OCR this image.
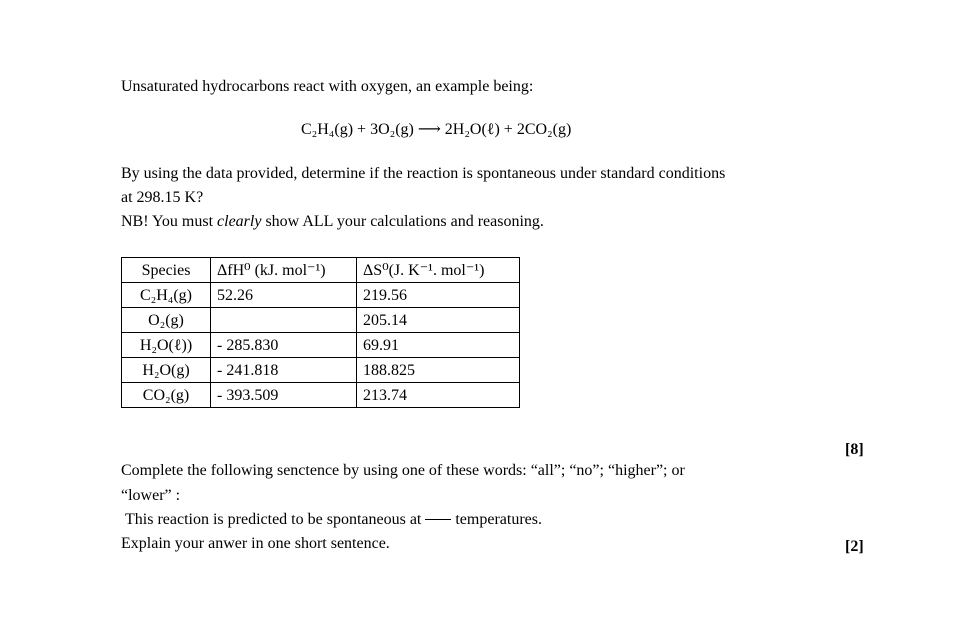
Unsaturated hydrocarbons react with oxygen, an example being:
C₂H₄(g) + 3O₂(g) ⟶ 2H₂O(ℓ) + 2CO₂(g)
By using the data provided, determine if the reaction is spontaneous under standard conditions
at 298.15 K?
NB! You must clearly show ALL your calculations and reasoning.
Species	ΔfH⁰ (kJ. mol⁻¹)	ΔS⁰(J. K⁻¹. mol⁻¹)
C₂H₄(g)	52.26	219.56
O₂(g)		205.14
H₂O(ℓ))	- 285.830	69.91
H₂O(g)	- 241.818	188.825
CO₂(g)	- 393.509	213.74
[8]
Complete the following senctence by using one of these words: “all”; “no”; “higher”; or
“lower” :
This reaction is predicted to be spontaneous at  temperatures.
Explain your anwer in one short sentence.	[2]
